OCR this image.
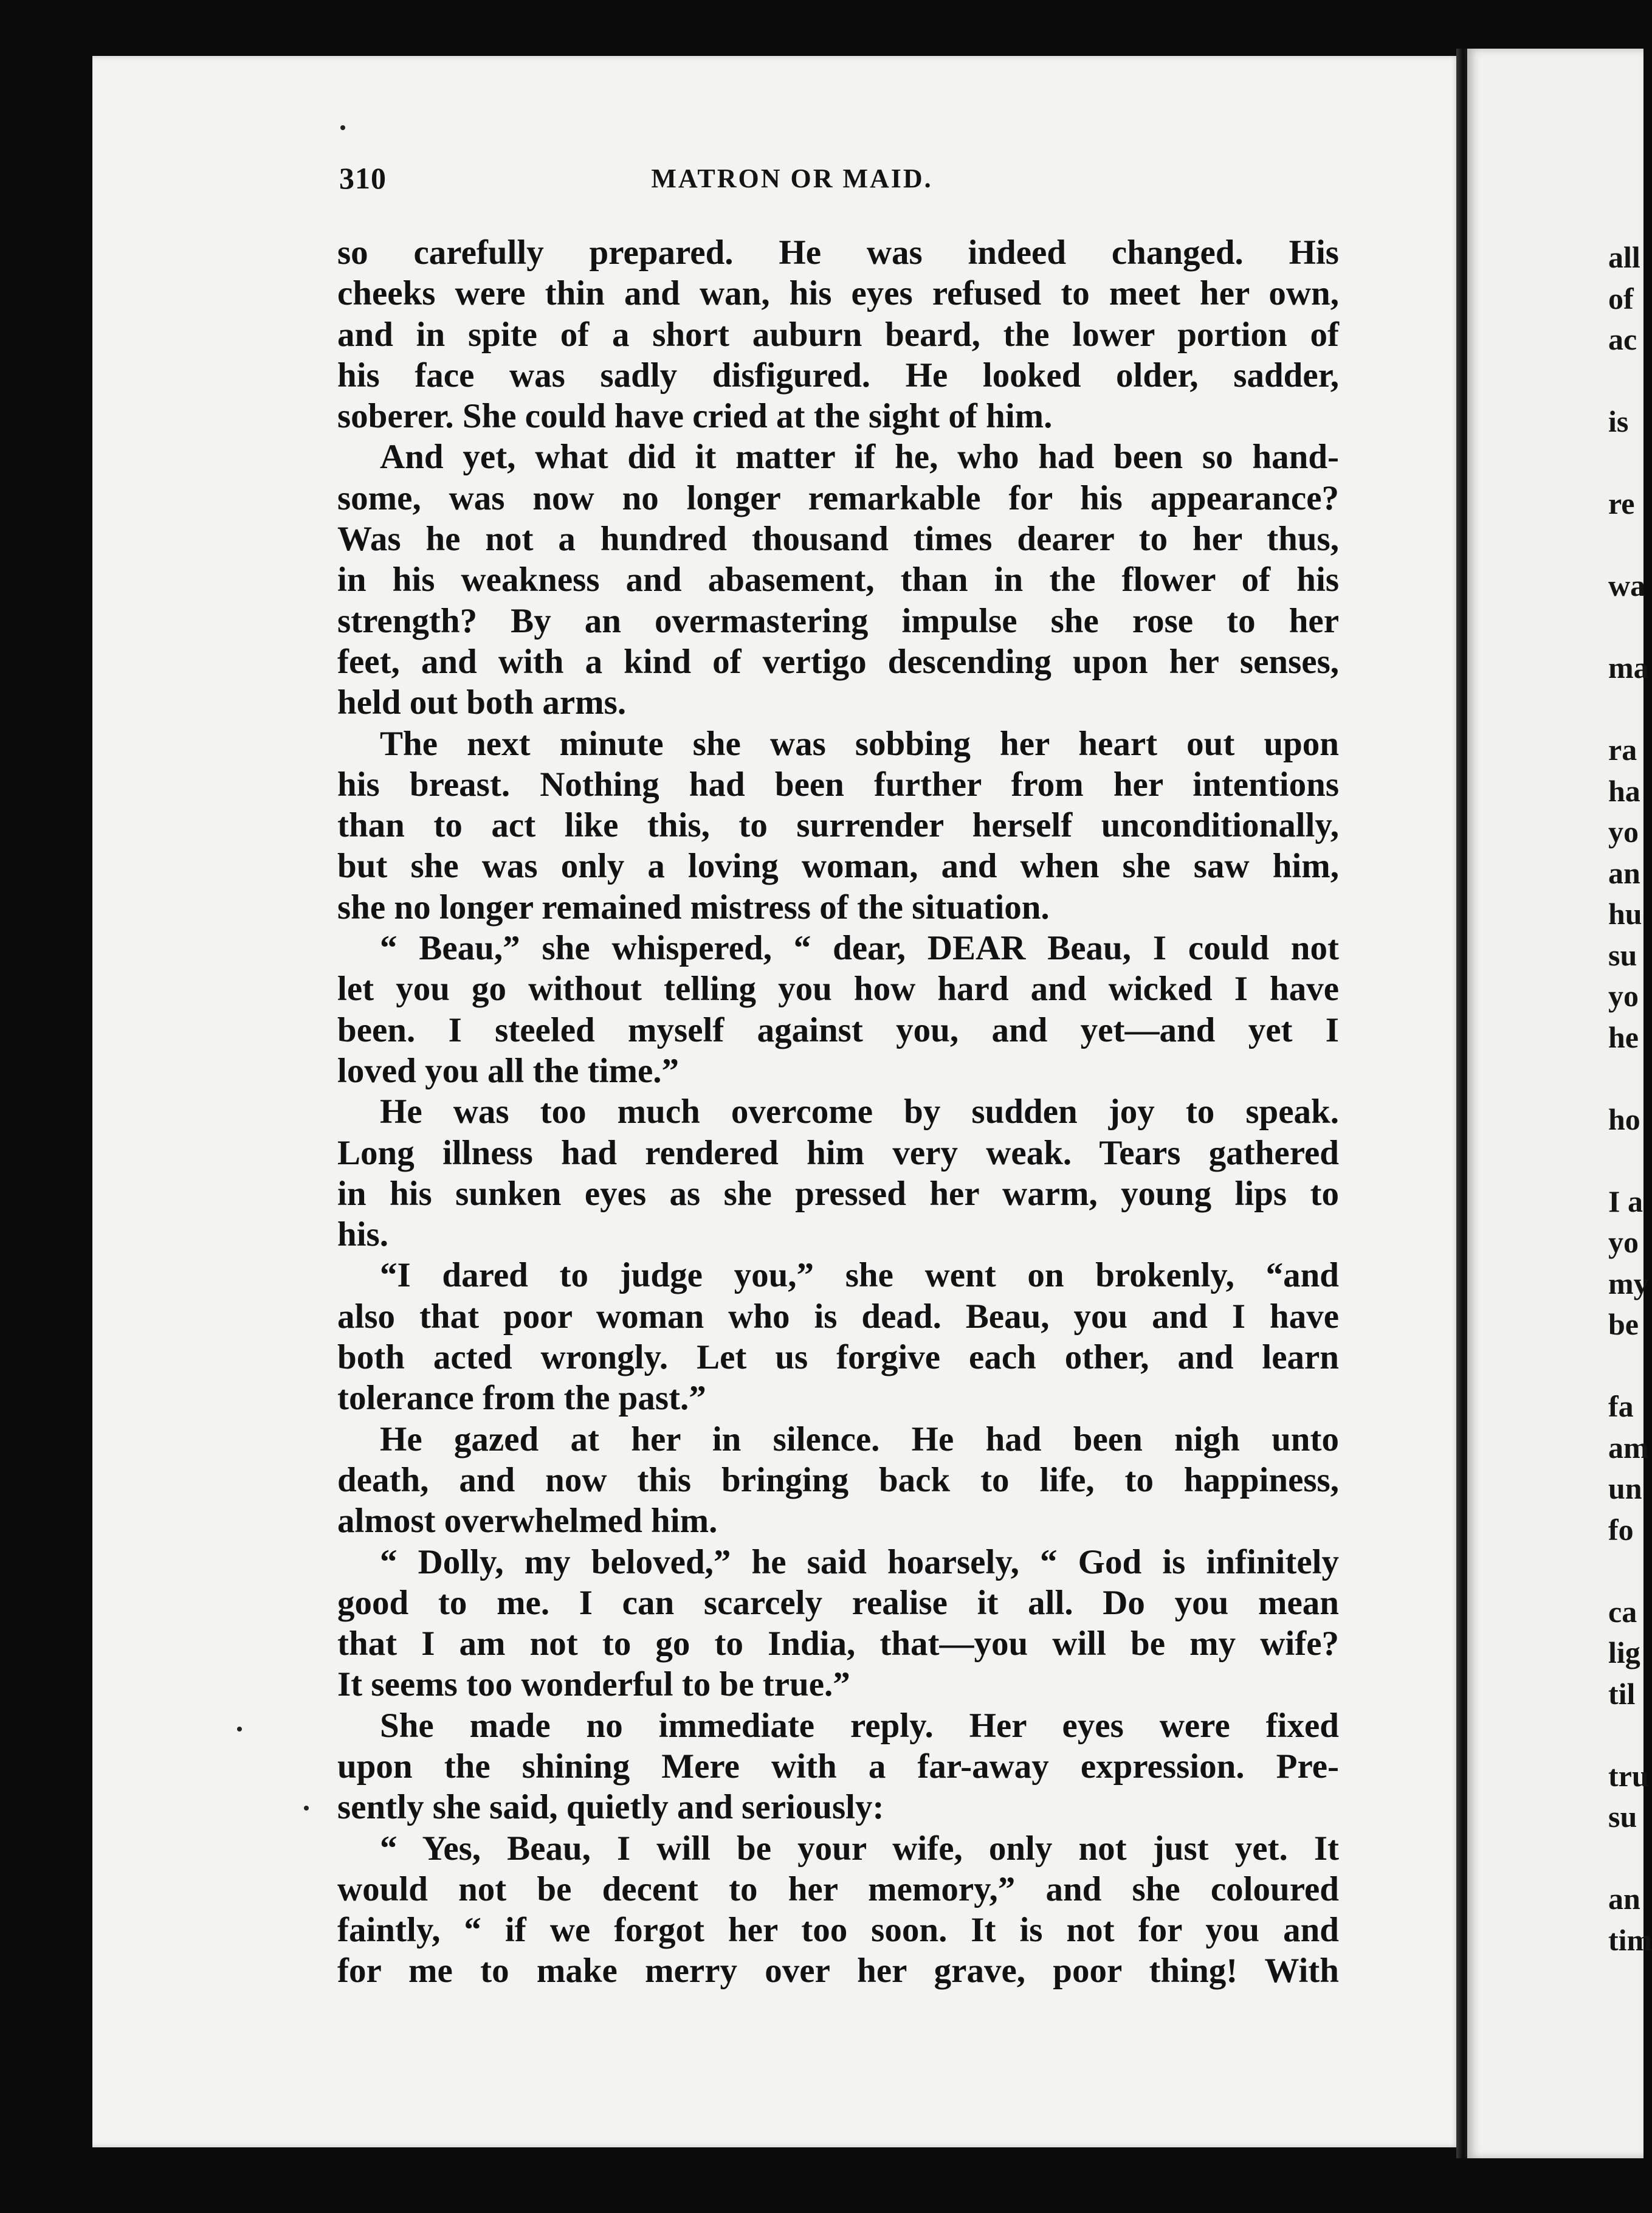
all
of
ac
is
re
wa
ma
ra
ha
yo
an
hu
su
yo
he
ho
I a
yo
my
be
fa
am
un
fo
ca
lig
til
tru
su
an
tim
310	MATRON OR MAID.
so carefully prepared. He was indeed changed. His
cheeks were thin and wan, his eyes refused to meet her own,
and in spite of a short auburn beard, the lower portion of
his face was sadly disfigured. He looked older, sadder,
soberer. She could have cried at the sight of him.
And yet, what did it matter if he, who had been so hand-
some, was now no longer remarkable for his appearance?
Was he not a hundred thousand times dearer to her thus,
in his weakness and abasement, than in the flower of his
strength? By an overmastering impulse she rose to her
feet, and with a kind of vertigo descending upon her senses,
held out both arms.
The next minute she was sobbing her heart out upon
his breast. Nothing had been further from her intentions
than to act like this, to surrender herself unconditionally,
but she was only a loving woman, and when she saw him,
she no longer remained mistress of the situation.
“ Beau,” she whispered, “ dear, DEAR Beau, I could not
let you go without telling you how hard and wicked I have
been. I steeled myself against you, and yet—and yet I
loved you all the time.”
He was too much overcome by sudden joy to speak.
Long illness had rendered him very weak. Tears gathered
in his sunken eyes as she pressed her warm, young lips to
his.
“I dared to judge you,” she went on brokenly, “and
also that poor woman who is dead. Beau, you and I have
both acted wrongly. Let us forgive each other, and learn
tolerance from the past.”
He gazed at her in silence. He had been nigh unto
death, and now this bringing back to life, to happiness,
almost overwhelmed him.
“ Dolly, my beloved,” he said hoarsely, “ God is infinitely
good to me. I can scarcely realise it all. Do you mean
that I am not to go to India, that—you will be my wife?
It seems too wonderful to be true.”
She made no immediate reply. Her eyes were fixed
upon the shining Mere with a far-away expression. Pre-
sently she said, quietly and seriously:
“ Yes, Beau, I will be your wife, only not just yet. It
would not be decent to her memory,” and she coloured
faintly, “ if we forgot her too soon. It is not for you and
for me to make merry over her grave, poor thing! With
